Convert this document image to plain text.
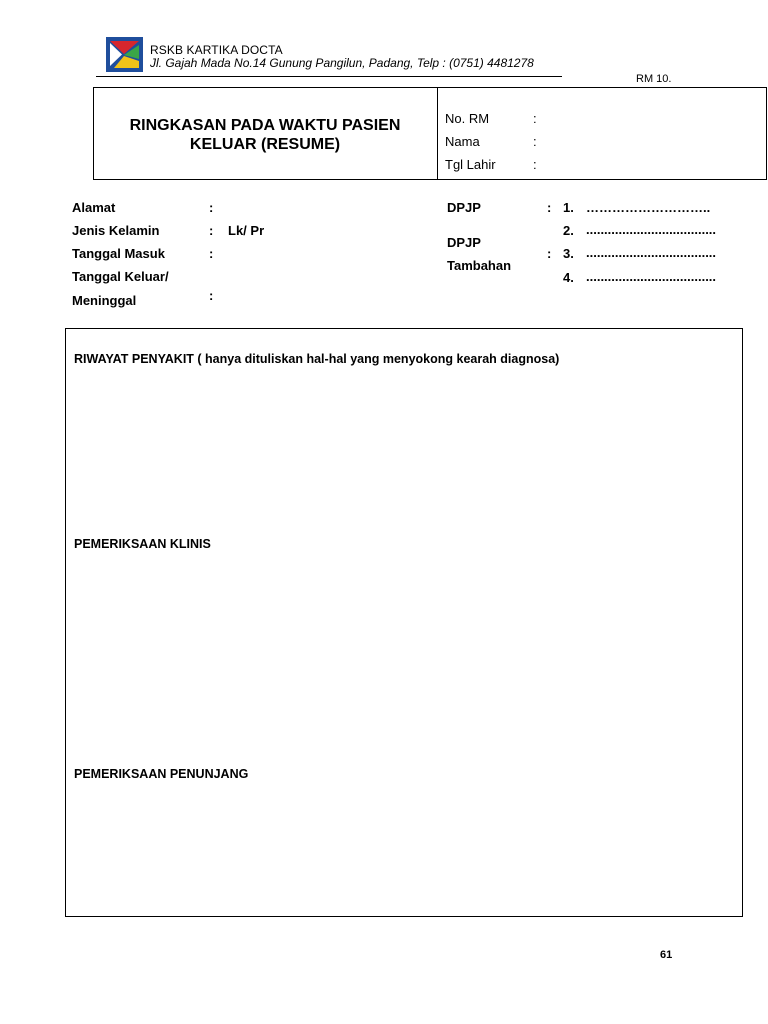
RSKB KARTIKA DOCTA
Jl. Gajah Mada No.14 Gunung Pangilun, Padang, Telp : (0751) 4481278
RM 10.
RINGKASAN PADA WAKTU PASIEN
KELUAR (RESUME)
No. RM	:
Nama	:
Tgl Lahir	:
Alamat	:
Jenis Kelamin	: Lk/ Pr
Tanggal Masuk	:
Tanggal Keluar/
Meninggal	:
DPJP	:
DPJP
Tambahan
:
1. ………………………..
2. ....................................
3. ....................................
4. ....................................
RIWAYAT PENYAKIT ( hanya dituliskan hal-hal yang menyokong kearah diagnosa)
PEMERIKSAAN KLINIS
PEMERIKSAAN PENUNJANG
61
